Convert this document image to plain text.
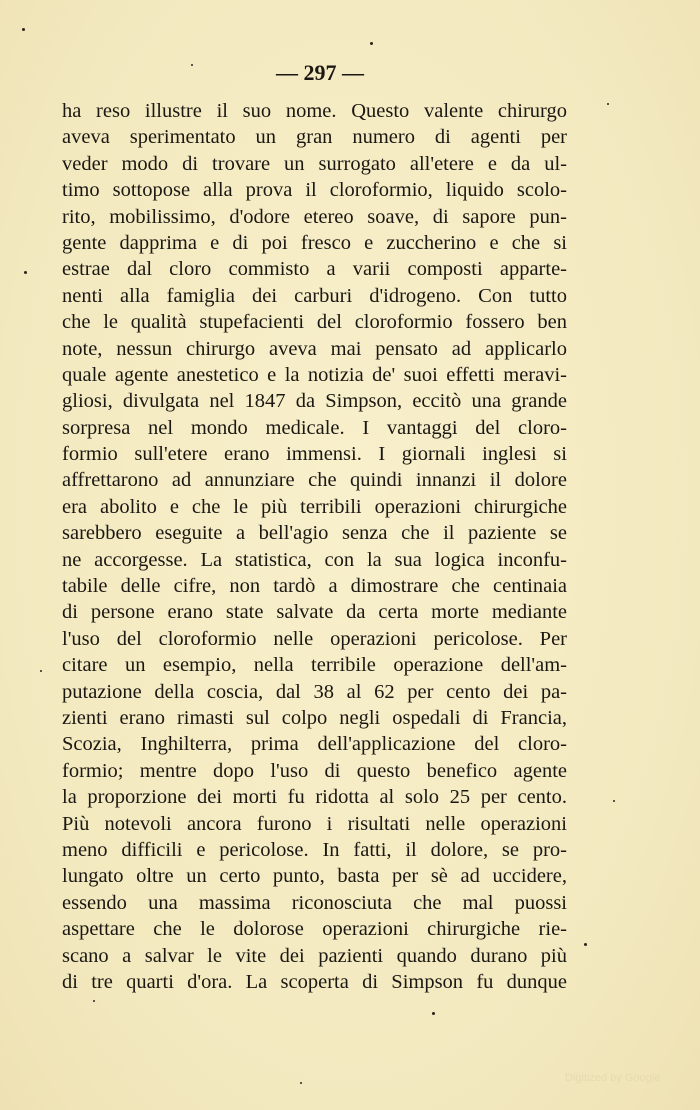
— 297 —
ha reso illustre il suo nome. Questo valente chirurgo
aveva sperimentato un gran numero di agenti per
veder modo di trovare un surrogato all'etere e da ul-
timo sottopose alla prova il cloroformio, liquido scolo-
rito, mobilissimo, d'odore etereo soave, di sapore pun-
gente dapprima e di poi fresco e zuccherino e che si
estrae dal cloro commisto a varii composti apparte-
nenti alla famiglia dei carburi d'idrogeno. Con tutto
che le qualità stupefacienti del cloroformio fossero ben
note, nessun chirurgo aveva mai pensato ad applicarlo
quale agente anestetico e la notizia de' suoi effetti meravi-
gliosi, divulgata nel 1847 da Simpson, eccitò una grande
sorpresa nel mondo medicale. I vantaggi del cloro-
formio sull'etere erano immensi. I giornali inglesi si
affrettarono ad annunziare che quindi innanzi il dolore
era abolito e che le più terribili operazioni chirurgiche
sarebbero eseguite a bell'agio senza che il paziente se
ne accorgesse. La statistica, con la sua logica inconfu-
tabile delle cifre, non tardò a dimostrare che centinaia
di persone erano state salvate da certa morte mediante
l'uso del cloroformio nelle operazioni pericolose. Per
citare un esempio, nella terribile operazione dell'am-
putazione della coscia, dal 38 al 62 per cento dei pa-
zienti erano rimasti sul colpo negli ospedali di Francia,
Scozia, Inghilterra, prima dell'applicazione del cloro-
formio; mentre dopo l'uso di questo benefico agente
la proporzione dei morti fu ridotta al solo 25 per cento.
Più notevoli ancora furono i risultati nelle operazioni
meno difficili e pericolose. In fatti, il dolore, se pro-
lungato oltre un certo punto, basta per sè ad uccidere,
essendo una massima riconosciuta che mal puossi
aspettare che le dolorose operazioni chirurgiche rie-
scano a salvar le vite dei pazienti quando durano più
di tre quarti d'ora. La scoperta di Simpson fu dunque
Digitized by Google
